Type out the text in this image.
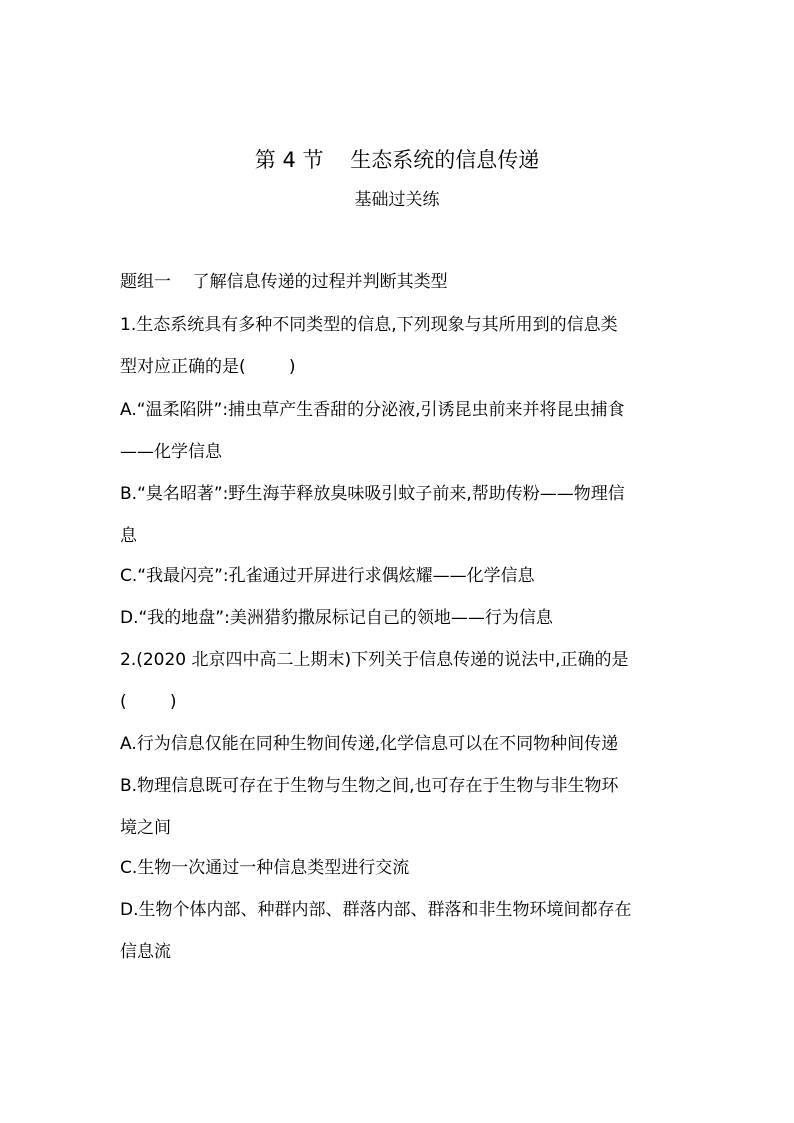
第 4 节    生态系统的信息传递
基础过关练
题组一    了解信息传递的过程并判断其类型
1.生态系统具有多种不同类型的信息,下列现象与其所用到的信息类
型对应正确的是(        )
A.“温柔陷阱”:捕虫草产生香甜的分泌液,引诱昆虫前来并将昆虫捕食
——化学信息
B.“臭名昭著”:野生海芋释放臭味吸引蚊子前来,帮助传粉——物理信
息
C.“我最闪亮”:孔雀通过开屏进行求偶炫耀——化学信息
D.“我的地盘”:美洲猎豹撒尿标记自己的领地——行为信息
2.(2020 北京四中高二上期末)下列关于信息传递的说法中,正确的是
(        )
A.行为信息仅能在同种生物间传递,化学信息可以在不同物种间传递
B.物理信息既可存在于生物与生物之间,也可存在于生物与非生物环
境之间
C.生物一次通过一种信息类型进行交流
D.生物个体内部、种群内部、群落内部、群落和非生物环境间都存在
信息流
